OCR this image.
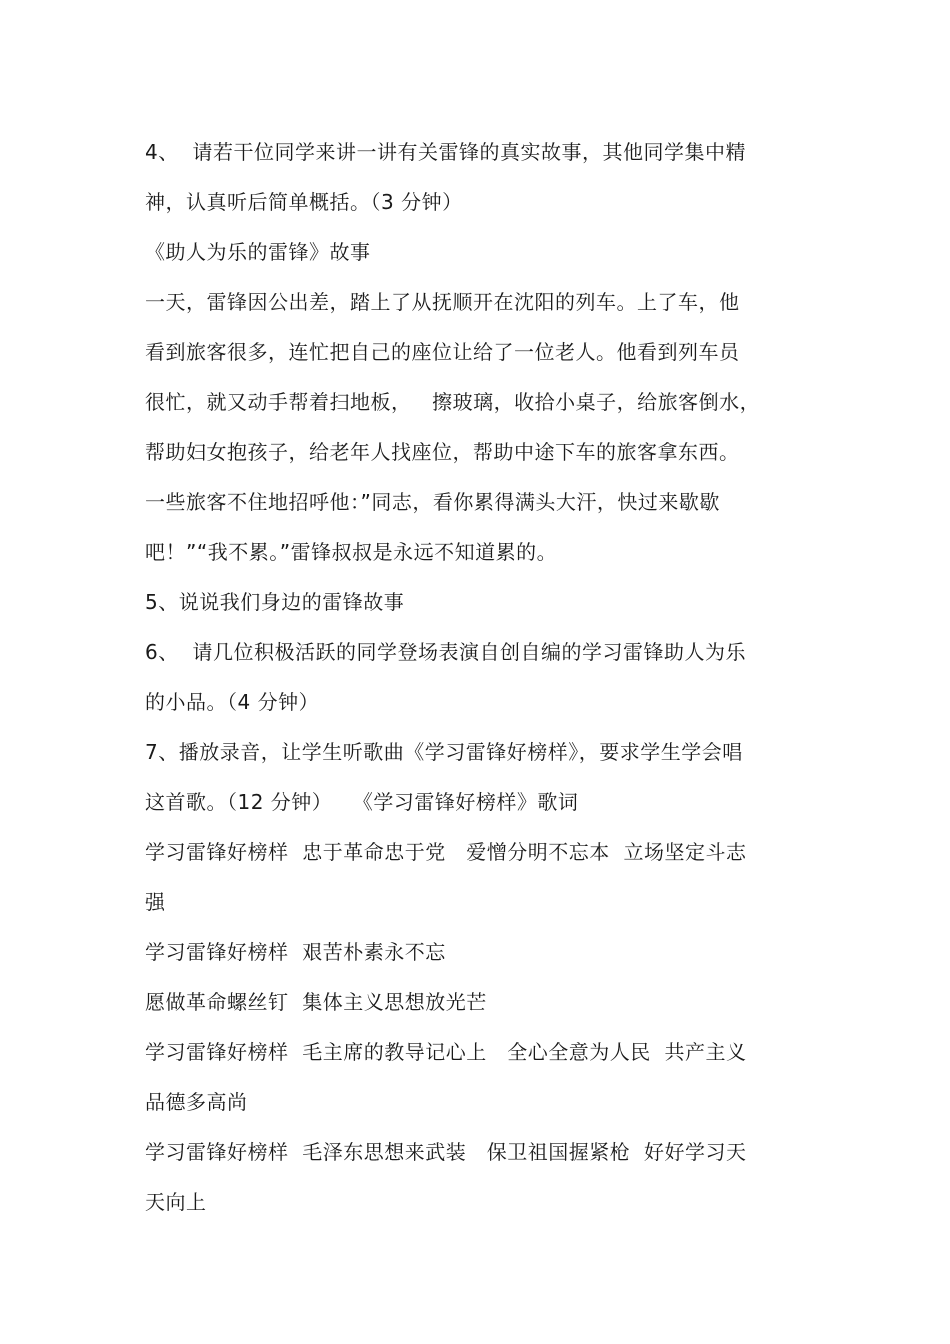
4、  请若干位同学来讲一讲有关雷锋的真实故事，其他同学集中精
神，认真听后简单概括。（3 分钟）
《助人为乐的雷锋》故事
一天，雷锋因公出差，踏上了从抚顺开在沈阳的列车。上了车，他
看到旅客很多，连忙把自己的座位让给了一位老人。他看到列车员
很忙，就又动手帮着扫地板，   擦玻璃，收拾小桌子，给旅客倒水，
帮助妇女抱孩子，给老年人找座位，帮助中途下车的旅客拿东西。
一些旅客不住地招呼他：”同志，看你累得满头大汗，快过来歇歇
吧！”“我不累。”雷锋叔叔是永远不知道累的。
5、说说我们身边的雷锋故事
6、  请几位积极活跃的同学登场表演自创自编的学习雷锋助人为乐
的小品。（4 分钟）
7、播放录音，让学生听歌曲《学习雷锋好榜样》，要求学生学会唱
这首歌。（12 分钟）   《学习雷锋好榜样》歌词
学习雷锋好榜样  忠于革命忠于党   爱憎分明不忘本  立场坚定斗志
强
学习雷锋好榜样  艰苦朴素永不忘
愿做革命螺丝钉  集体主义思想放光芒
学习雷锋好榜样  毛主席的教导记心上   全心全意为人民  共产主义
品德多高尚
学习雷锋好榜样  毛泽东思想来武装   保卫祖国握紧枪  好好学习天
天向上
